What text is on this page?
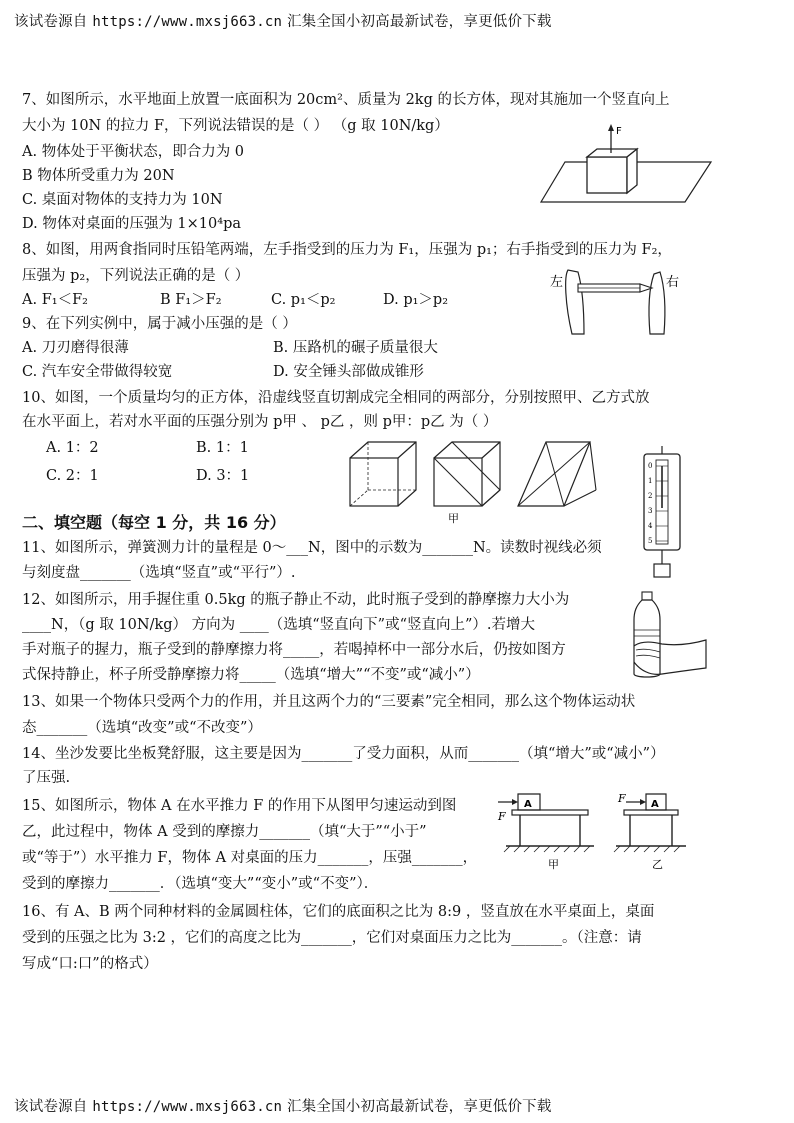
该试卷源自 https://www.mxsj663.cn 汇集全国小初高最新试卷，享更低价下载
7、如图所示，水平地面上放置一底面积为 20cm²、质量为 2kg 的长方体，现对其施加一个竖直向上
大小为 10N 的拉力 F，下列说法错误的是（ ） （g 取 10N/kg）
A. 物体处于平衡状态，即合力为 0
B 物体所受重力为 20N
C. 桌面对物体的支持力为 10N
D. 物体对桌面的压强为 1×10⁴pa
F
8、如图，用两食指同时压铅笔两端，左手指受到的压力为 F₁，压强为 p₁；右手指受到的压力为 F₂，
压强为 p₂，下列说法正确的是（ ）
A. F₁＜F₂	B F₁＞F₂	C. p₁＜p₂	D. p₁＞p₂
左	右
9、在下列实例中，属于减小压强的是（ ）
A. 刀刃磨得很薄	B. 压路机的碾子质量很大
C. 汽车安全带做得较宽	D. 安全锤头部做成锥形
10、如图，一个质量均匀的正方体，沿虚线竖直切割成完全相同的两部分，分别按照甲、乙方式放
在水平面上，若对水平面的压强分别为 p甲 、 p乙 ，则 p甲：p乙 为（ ）
A. 1：2	B. 1：1
C. 2：1	D. 3：1
甲
二、填空题（每空 1 分，共 16 分）
0
1
2
3
4
5
11、如图所示，弹簧测力计的量程是 0～___N，图中的示数为_______N。读数时视线必须
与刻度盘_______（选填“竖直”或“平行”）.
12、如图所示，用手握住重 0.5kg 的瓶子静止不动，此时瓶子受到的静摩擦力大小为
____N，（g 取 10N/kg） 方向为 ____（选填“竖直向下”或“竖直向上”）.若增大
手对瓶子的握力，瓶子受到的静摩擦力将_____，若喝掉杯中一部分水后，仍按如图方
式保持静止，杯子所受静摩擦力将_____（选填“增大”“不变”或“减小”）
13、如果一个物体只受两个力的作用，并且这两个力的“三要素”完全相同，那么这个物体运动状
态_______（选填“改变”或“不改变”）
14、坐沙发要比坐板凳舒服，这主要是因为_______了受力面积，从而_______（填“增大”或“减小”）
了压强.
15、如图所示，物体 A 在水平推力 F 的作用下从图甲匀速运动到图
乙，此过程中，物体 A 受到的摩擦力_______（填“大于”“小于”
或“等于”）水平推力 F，物体 A 对桌面的压力_______，压强_______，
受到的摩擦力_______．（选填“变大”“变小”或“不变”）．
A
F
甲
A
F
乙
16、有 A、B 两个同种材料的金属圆柱体，它们的底面积之比为 8:9 ，竖直放在水平桌面上，桌面
受到的压强之比为 3:2 ，它们的高度之比为_______，它们对桌面压力之比为_______。（注意：请
写成“口:口”的格式）
该试卷源自 https://www.mxsj663.cn 汇集全国小初高最新试卷，享更低价下载
